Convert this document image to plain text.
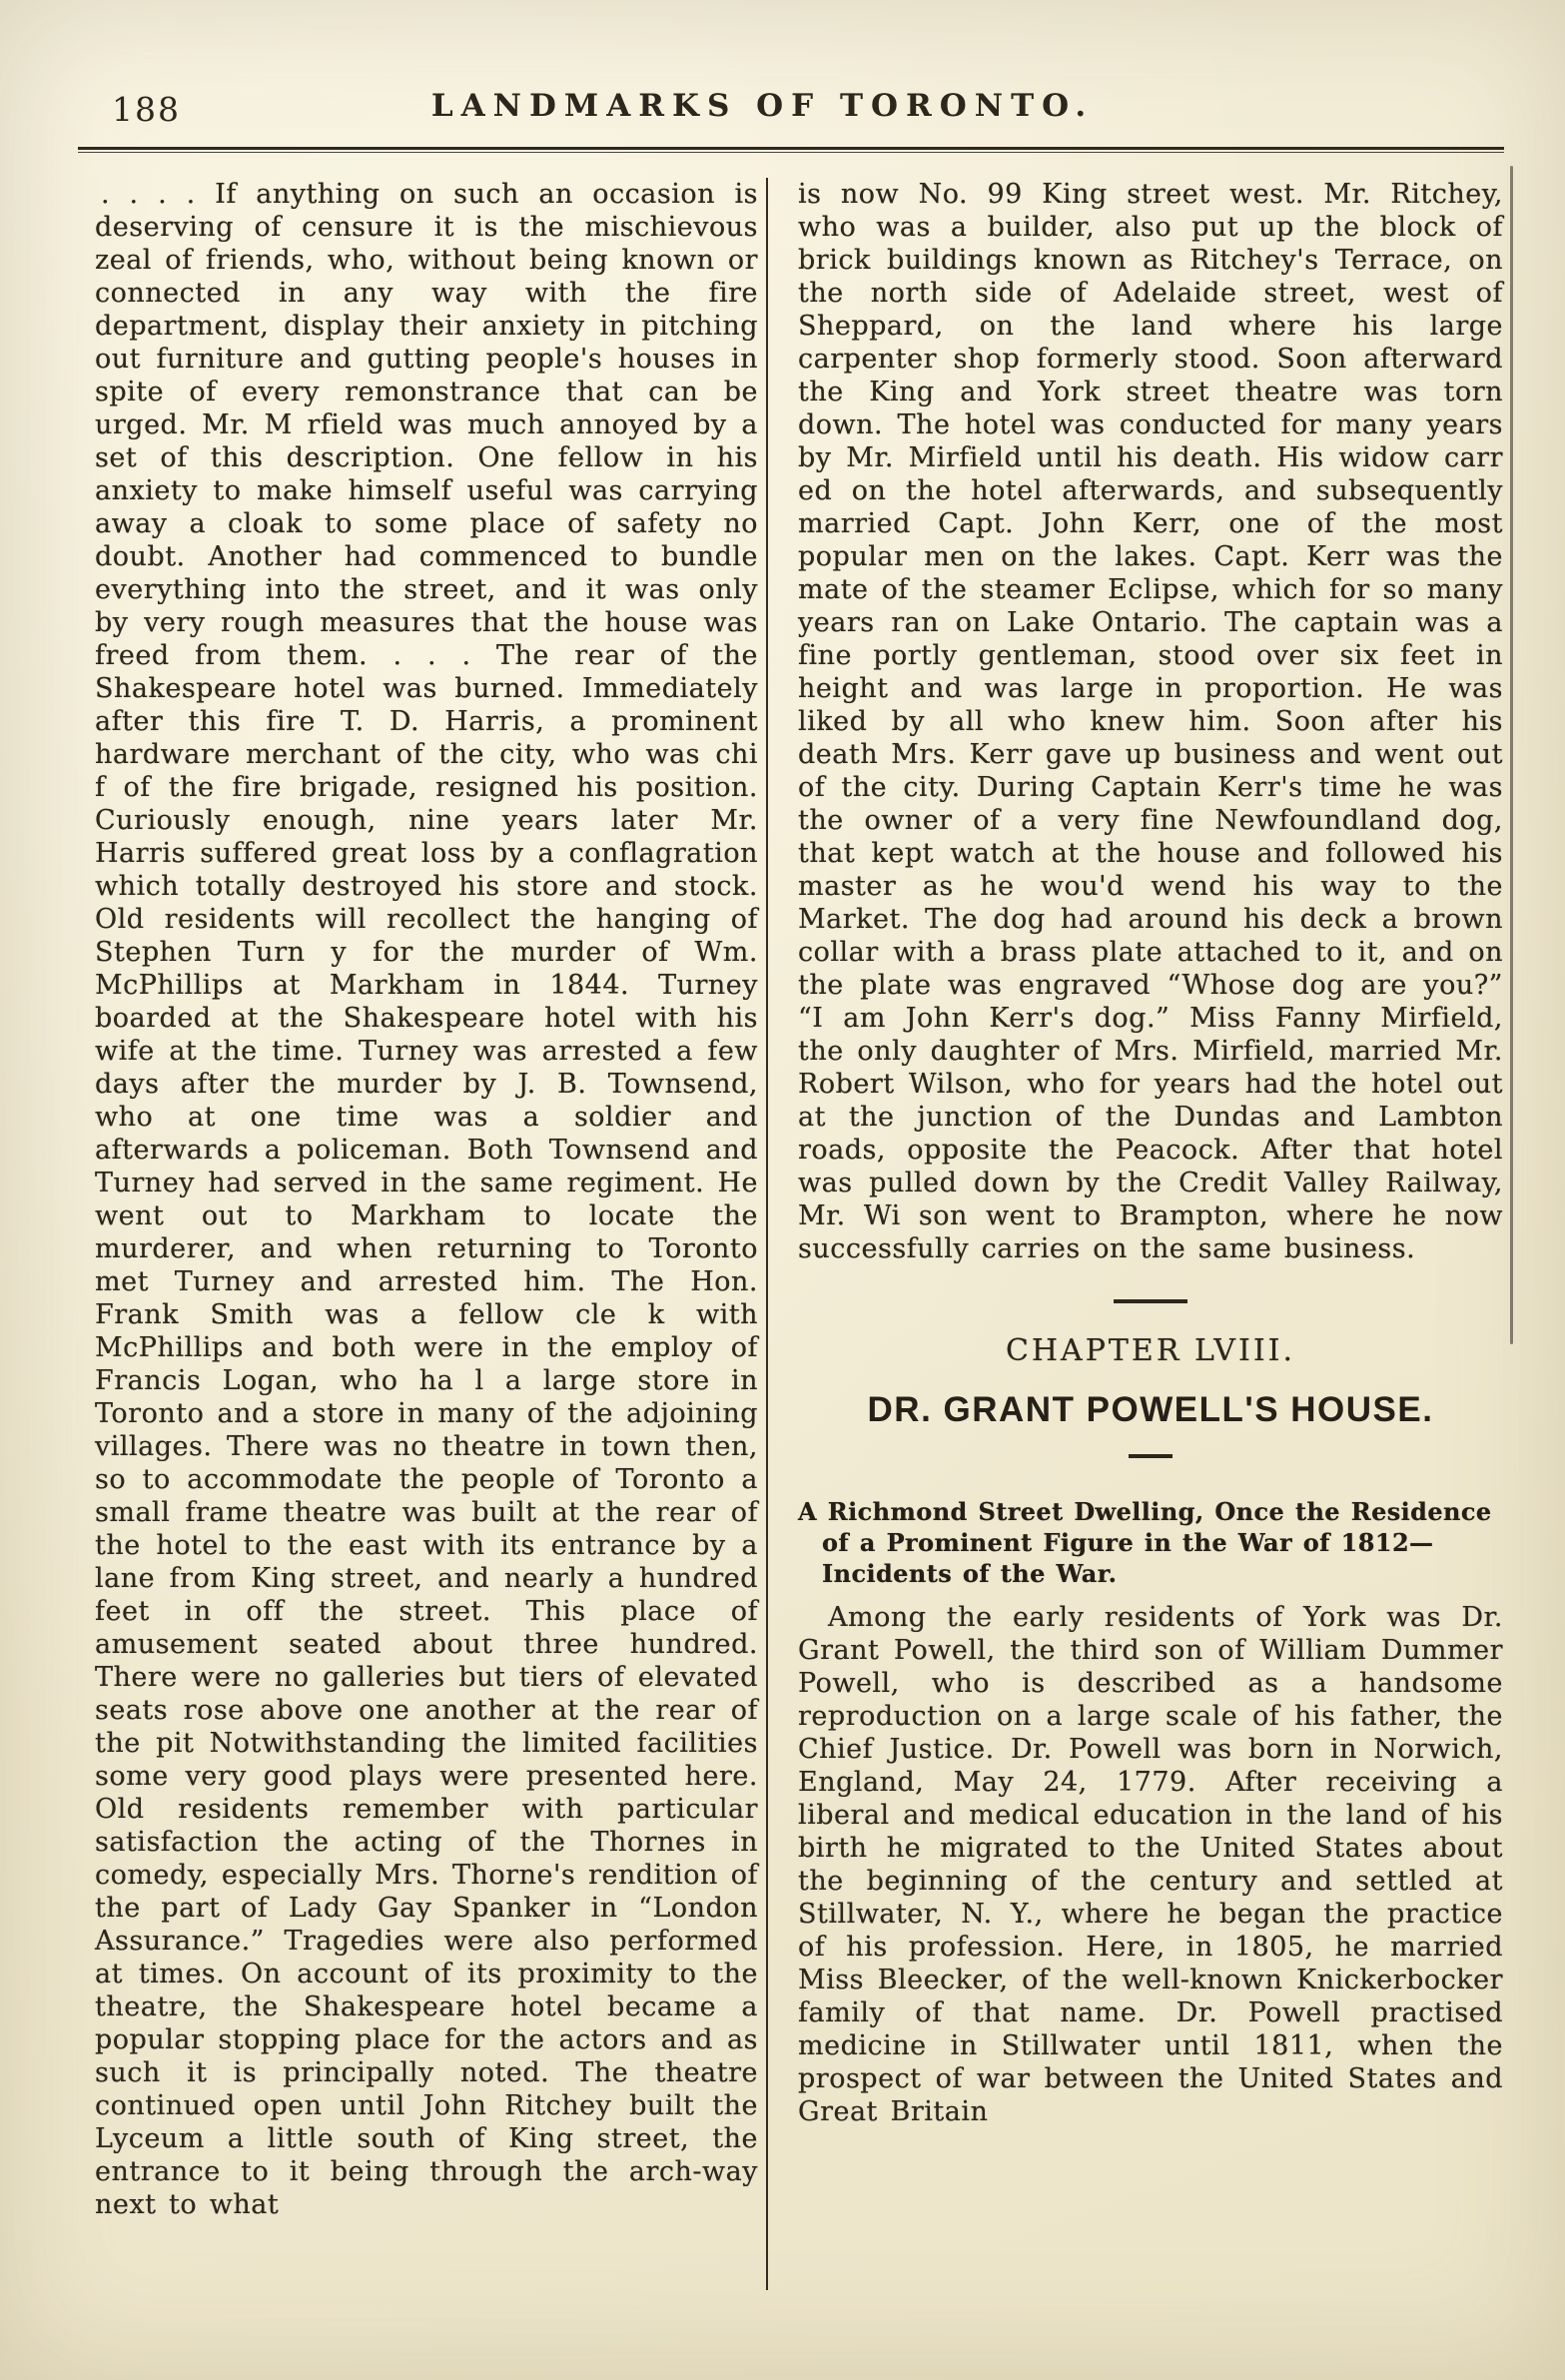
188	LANDMARKS OF TORONTO.

. . . . If anything on such an occasion is deserving of censure it is the mischievous zeal of friends, who, without being known or connected in any way with the fire department, display their anxiety in pitching out furniture and gutting people's houses in spite of every remonstrance that can be urged. Mr. M rfield was much annoyed by a set of this description. One fellow in his anxiety to make himself useful was carrying away a cloak to some place of safety no doubt. Another had commenced to bundle everything into the street, and it was only by very rough measures that the house was freed from them. . . . The rear of the Shakespeare hotel was burned. Immediately after this fire T. D. Harris, a prominent hardware merchant of the city, who was chi f of the fire brigade, resigned his position. Curiously enough, nine years later Mr. Harris suffered great loss by a conflagration which totally destroyed his store and stock. Old residents will recollect the hanging of Stephen Turn y for the murder of Wm. McPhillips at Markham in 1844. Turney boarded at the Shakespeare hotel with his wife at the time. Turney was arrested a few days after the murder by J. B. Townsend, who at one time was a soldier and afterwards a policeman. Both Townsend and Turney had served in the same regiment. He went out to Markham to locate the murderer, and when returning to Toronto met Turney and arrested him. The Hon. Frank Smith was a fellow cle k with McPhillips and both were in the employ of Francis Logan, who ha l a large store in Toronto and a store in many of the adjoining villages. There was no theatre in town then, so to accommodate the people of Toronto a small frame theatre was built at the rear of the hotel to the east with its entrance by a lane from King street, and nearly a hundred feet in off the street. This place of amusement seated about three hundred. There were no galleries but tiers of elevated seats rose above one another at the rear of the pit Notwithstanding the limited facilities some very good plays were presented here. Old residents remember with particular satisfaction the acting of the Thornes in comedy, especially Mrs. Thorne's rendition of the part of Lady Gay Spanker in “London Assurance.” Tragedies were also performed at times. On account of its proximity to the theatre, the Shakespeare hotel became a popular stopping place for the actors and as such it is principally noted. The theatre continued open until John Ritchey built the Lyceum a little south of King street, the entrance to it being through the arch-way next to what

is now No. 99 King street west. Mr. Ritchey, who was a builder, also put up the block of brick buildings known as Ritchey's Terrace, on the north side of Adelaide street, west of Sheppard, on the land where his large carpenter shop formerly stood. Soon afterward the King and York street theatre was torn down. The hotel was conducted for many years by Mr. Mirfield until his death. His widow carr ed on the hotel afterwards, and subsequently married Capt. John Kerr, one of the most popular men on the lakes. Capt. Kerr was the mate of the steamer Eclipse, which for so many years ran on Lake Ontario. The captain was a fine portly gentleman, stood over six feet in height and was large in proportion. He was liked by all who knew him. Soon after his death Mrs. Kerr gave up business and went out of the city. During Captain Kerr's time he was the owner of a very fine Newfoundland dog, that kept watch at the house and followed his master as he wou'd wend his way to the Market. The dog had around his deck a brown collar with a brass plate attached to it, and on the plate was engraved “Whose dog are you?” “I am John Kerr's dog.” Miss Fanny Mirfield, the only daughter of Mrs. Mirfield, married Mr. Robert Wilson, who for years had the hotel out at the junction of the Dundas and Lambton roads, opposite the Peacock. After that hotel was pulled down by the Credit Valley Railway, Mr. Wi son went to Brampton, where he now successfully carries on the same business.

CHAPTER LVIII.
DR. GRANT POWELL'S HOUSE.

A Richmond Street Dwelling, Once the Residence of a Prominent Figure in the War of 1812—Incidents of the War.

Among the early residents of York was Dr. Grant Powell, the third son of William Dummer Powell, who is described as a handsome reproduction on a large scale of his father, the Chief Justice. Dr. Powell was born in Norwich, England, May 24, 1779. After receiving a liberal and medical education in the land of his birth he migrated to the United States about the beginning of the century and settled at Stillwater, N. Y., where he began the practice of his profession. Here, in 1805, he married Miss Bleecker, of the well-known Knickerbocker family of that name. Dr. Powell practised medicine in Stillwater until 1811, when the prospect of war between the United States and Great Britain
